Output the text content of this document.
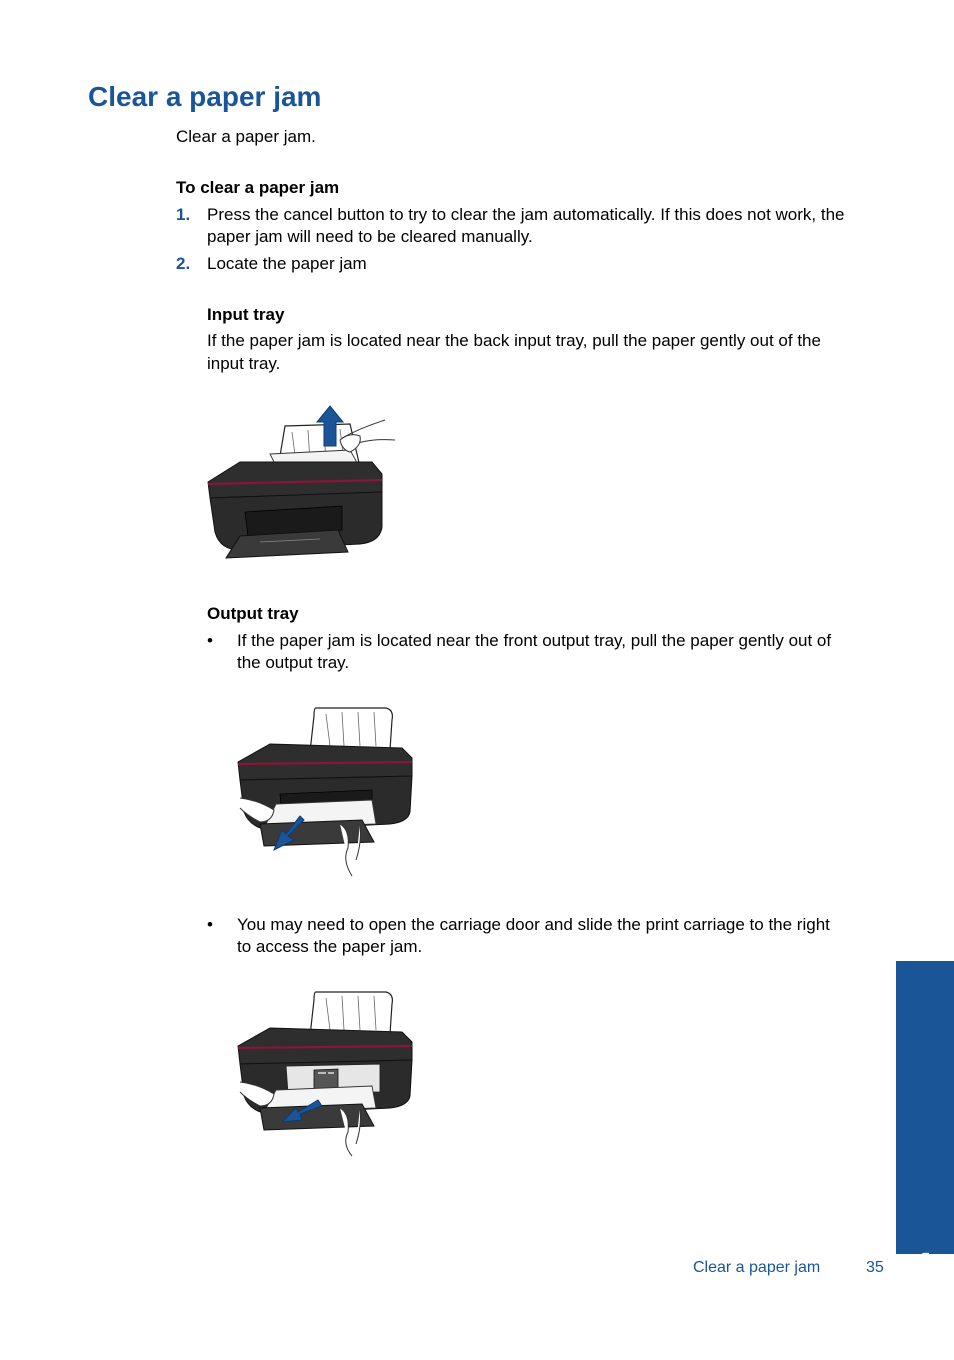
Clear a paper jam
Clear a paper jam.
To clear a paper jam
1. Press the cancel button to try to clear the jam automatically. If this does not work, the
paper jam will need to be cleared manually.
2. Locate the paper jam
Input tray
If the paper jam is located near the back input tray, pull the paper gently out of the
input tray.
Output tray
• If the paper jam is located near the front output tray, pull the paper gently out of
the output tray.
• You may need to open the carriage door and slide the print carriage to the right
to access the paper jam.
Solve a problem
Clear a paper jam	35
